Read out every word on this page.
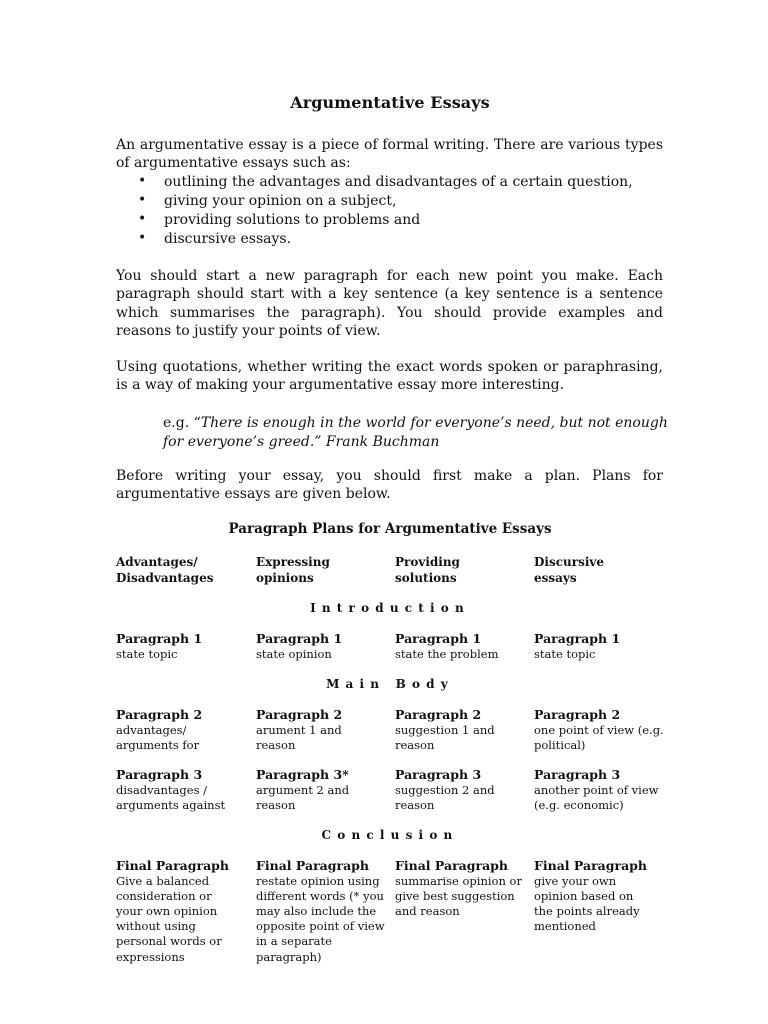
Argumentative Essays

An argumentative essay is a piece of formal writing. There are various types of argumentative essays such as:

• outlining the advantages and disadvantages of a certain question,
• giving your opinion on a subject,
• providing solutions to problems and
• discursive essays.

You should start a new paragraph for each new point you make. Each paragraph should start with a key sentence (a key sentence is a sentence which summarises the paragraph). You should provide examples and reasons to justify your points of view.

Using quotations, whether writing the exact words spoken or paraphrasing, is a way of making your argumentative essay more interesting.

e.g. “There is enough in the world for everyone’s need, but not enough for everyone’s greed.” Frank Buchman

Before writing your essay, you should first make a plan. Plans for argumentative essays are given below.

Paragraph Plans for Argumentative Essays
Advantages/ Disadvantages
Expressing opinions
Providing solutions
Discursive essays
Introduction
Paragraph 1
state topic
Paragraph 1
state opinion
Paragraph 1
state the problem
Paragraph 1
state topic
Main Body
Paragraph 2
advantages/ arguments for
Paragraph 2
arument 1 and reason
Paragraph 2
suggestion 1 and reason
Paragraph 2
one point of view (e.g. political)
Paragraph 3
disadvantages / arguments against
Paragraph 3*
argument 2 and reason
Paragraph 3
suggestion 2 and reason
Paragraph 3
another point of view (e.g. economic)
Conclusion
Final Paragraph
Give a balanced consideration or your own opinion without using personal words or expressions
Final Paragraph
restate opinion using different words (* you may also include the opposite point of view in a separate paragraph)
Final Paragraph
summarise opinion or give best suggestion and reason
Final Paragraph
give your own opinion based on the points already mentioned
